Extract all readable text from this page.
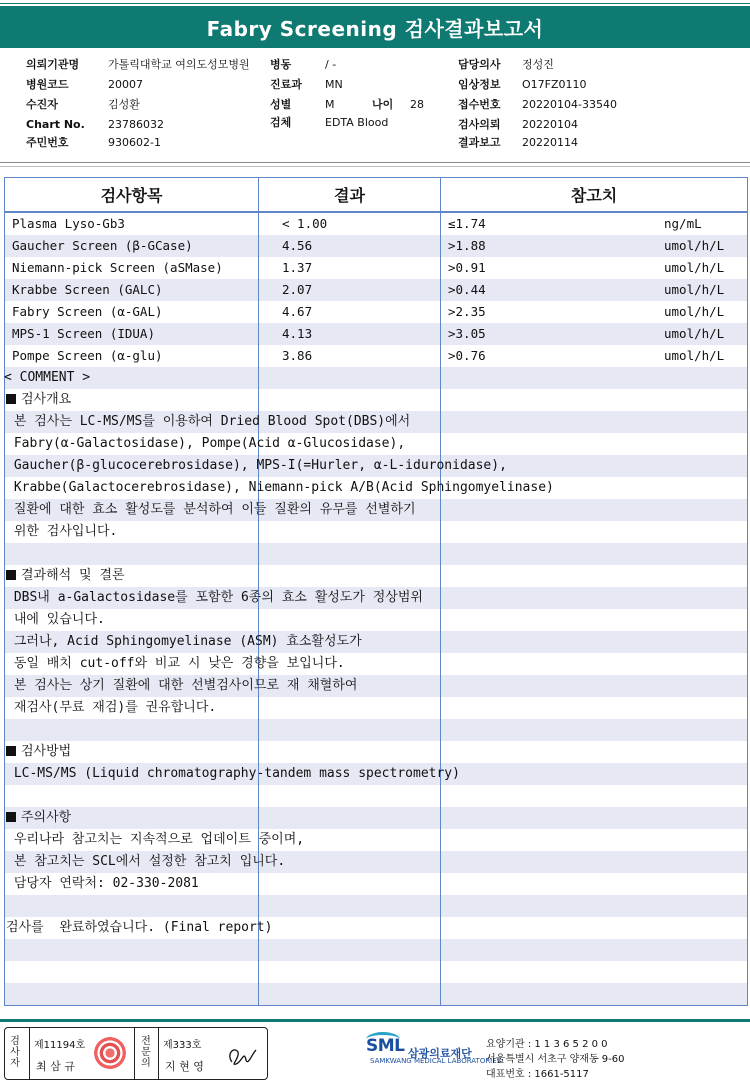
Fabry Screening 검사결과보고서
의뢰기관명	가톨릭대학교 여의도성모병원
병원코드	20007
수진자	김성환
Chart No. 23786032
주민번호	930602-1
병동	/ -
진료과 MN
성별	M
검체	EDTA Blood
나이 28
담당의사 정성진
임상정보 O17FZ0110
접수번호 20220104-33540
검사의뢰 20220104
결과보고 20220114
검사항목	결과	참고치
Plasma Lyso-Gb3	< 1.00	≤1.74	ng/mL
Gaucher Screen (β-GCase)	4.56	>1.88	umol/h/L
Niemann-pick Screen (aSMase)	1.37	>0.91	umol/h/L
Krabbe Screen (GALC)	2.07	>0.44	umol/h/L
Fabry Screen (α-GAL)	4.67	>2.35	umol/h/L
MPS-1 Screen (IDUA)	4.13	>3.05	umol/h/L
Pompe Screen (α-glu)	3.86	>0.76	umol/h/L
< COMMENT >
검사개요
본 검사는 LC-MS/MS를 이용하여 Dried Blood Spot(DBS)에서
Fabry(α-Galactosidase), Pompe(Acid α-Glucosidase),
Gaucher(β-glucocerebrosidase), MPS-I(=Hurler, α-L-iduronidase),
Krabbe(Galactocerebrosidase), Niemann-pick A/B(Acid Sphingomyelinase)
질환에 대한 효소 활성도를 분석하여 이들 질환의 유무를 선별하기
위한 검사입니다.
결과해석 및 결론
DBS내 a-Galactosidase를 포함한 6종의 효소 활성도가 정상범위
내에 있습니다.
그러나, Acid Sphingomyelinase (ASM) 효소활성도가
동일 배치 cut-off와 비교 시 낮은 경향을 보입니다.
본 검사는 상기 질환에 대한 선별검사이므로 재 채혈하여
재검사(무료 재검)를 권유합니다.
검사방법
LC-MS/MS (Liquid chromatography-tandem mass spectrometry)
주의사항
우리나라 참고치는 지속적으로 업데이트 중이며,
본 참고치는 SCL에서 설정한 참고치 입니다.
담당자 연락처: 02-330-2081
검사를  완료하였습니다. (Final report)
검사자
제11194호
최 삼 규
전문의
제333호
지 현 영
SML 삼광의료재단
SAMKWANG MEDICAL LABORATORIES
요양기관 : 1 1 3 6 5 2 0 0
서울특별시 서초구 양재동 9-60
대표번호 : 1661-5117
